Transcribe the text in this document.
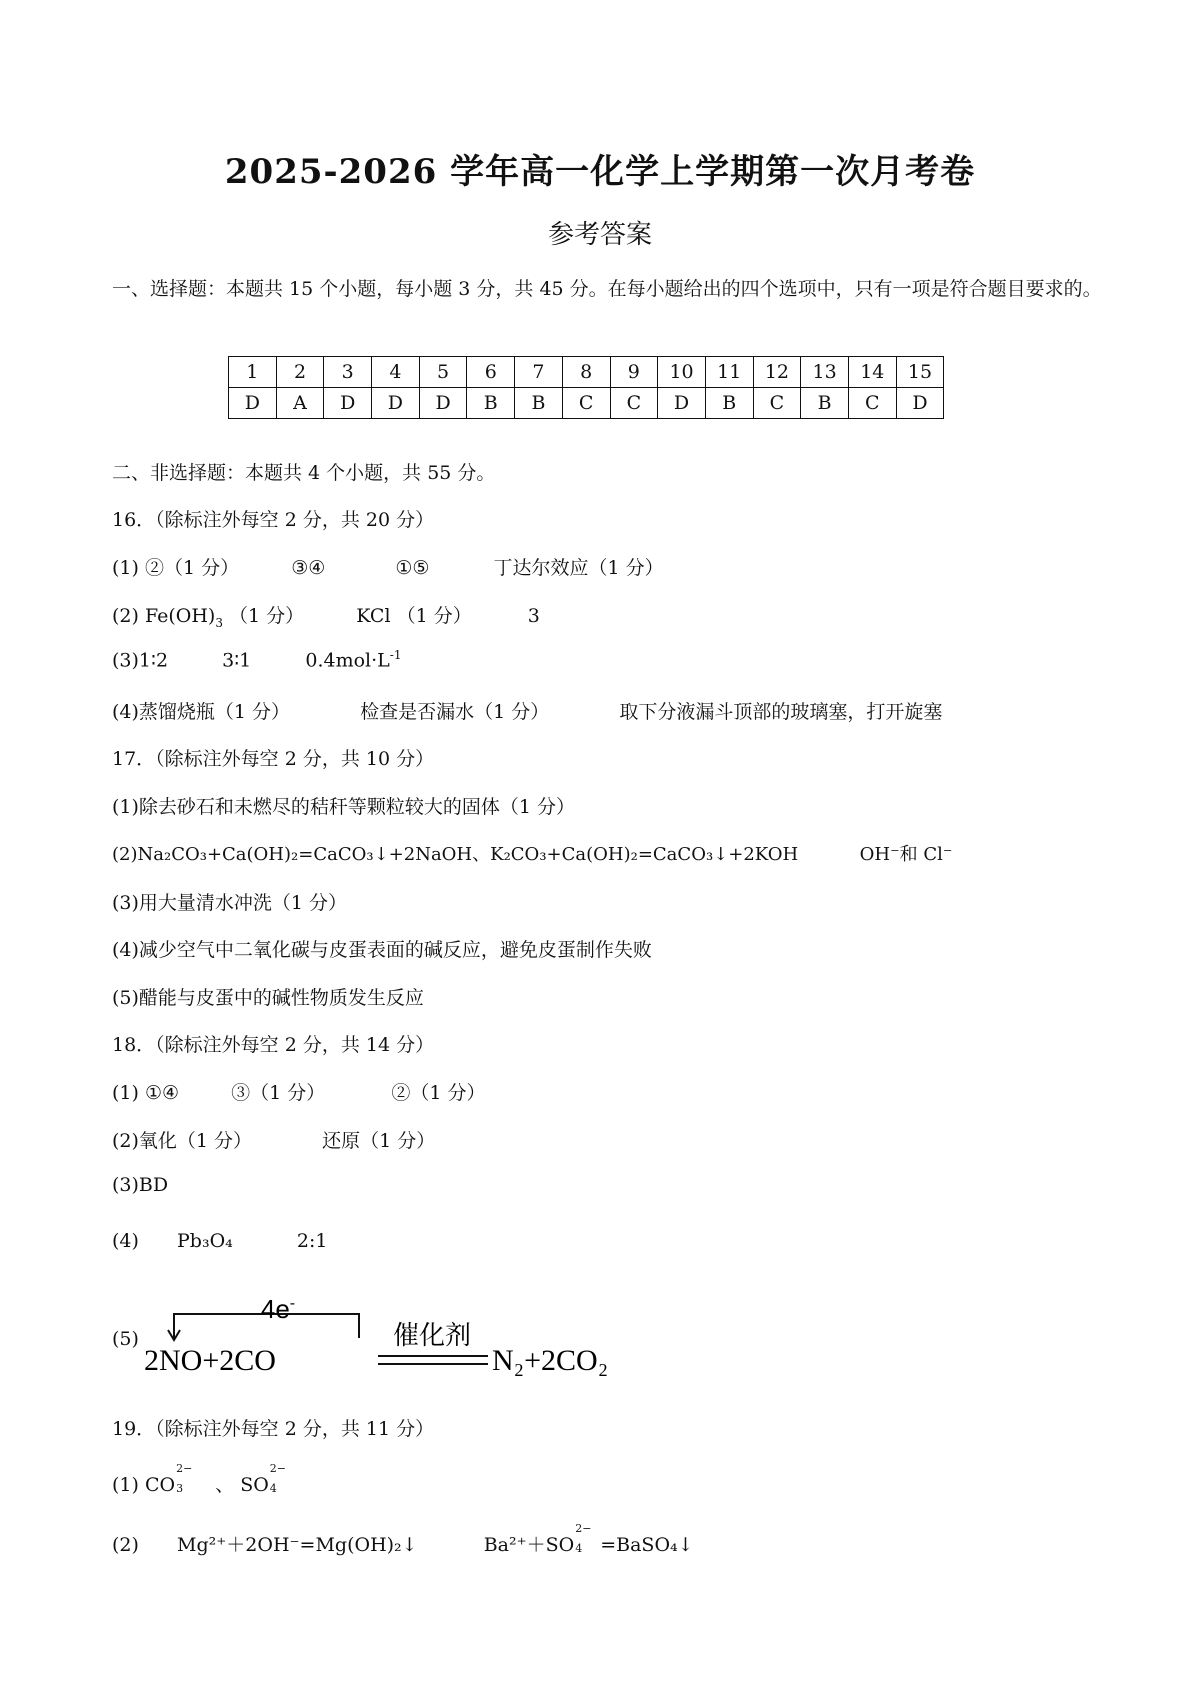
2025-2026 学年高一化学上学期第一次月考卷
参考答案
一、选择题：本题共 15 个小题，每小题 3 分，共 45 分。在每小题给出的四个选项中，只有一项是符合题目要求的。
1	2	3	4	5	6	7	8	9	10	11	12	13	14	15
D	A	D	D	D	B	B	C	C	D	B	C	B	C	D
二、非选择题：本题共 4 个小题，共 55 分。
16．（除标注外每空 2 分，共 20 分）
(1) ②（1 分）	③④	①⑤	丁达尔效应（1 分）
(2) $Fe(OH)_3$ （1 分）	KCl （1 分）	3
(3)1∶2	3∶1	$0.4mol\cdot L^{-1}$
(4)蒸馏烧瓶（1 分）	检查是否漏水（1 分）	取下分液漏斗顶部的玻璃塞，打开旋塞
17．（除标注外每空 2 分，共 10 分）
(1)除去砂石和未燃尽的秸秆等颗粒较大的固体（1 分）
(2)Na₂CO₃+Ca(OH)₂=CaCO₃↓+2NaOH、K₂CO₃+Ca(OH)₂=CaCO₃↓+2KOH	OH⁻和 Cl⁻
(3)用大量清水冲洗（1 分）
(4)减少空气中二氧化碳与皮蛋表面的碱反应，避免皮蛋制作失败
(5)醋能与皮蛋中的碱性物质发生反应
18．（除标注外每空 2 分，共 14 分）
(1) ①④	③（1 分）	②（1 分）
(2)氧化（1 分）	还原（1 分）
(3)BD
(4) Pb₃O₄	2:1
(5)
4e-
2NO+2CO
催化剂
N₂+2CO₂
19．（除标注外每空 2 分，共 11 分）
(1) CO
2−
3 、 SO
2−
4
(2) Mg²⁺＋2OH⁻=Mg(OH)₂↓	Ba²⁺＋SO
2−
4 =BaSO₄↓
